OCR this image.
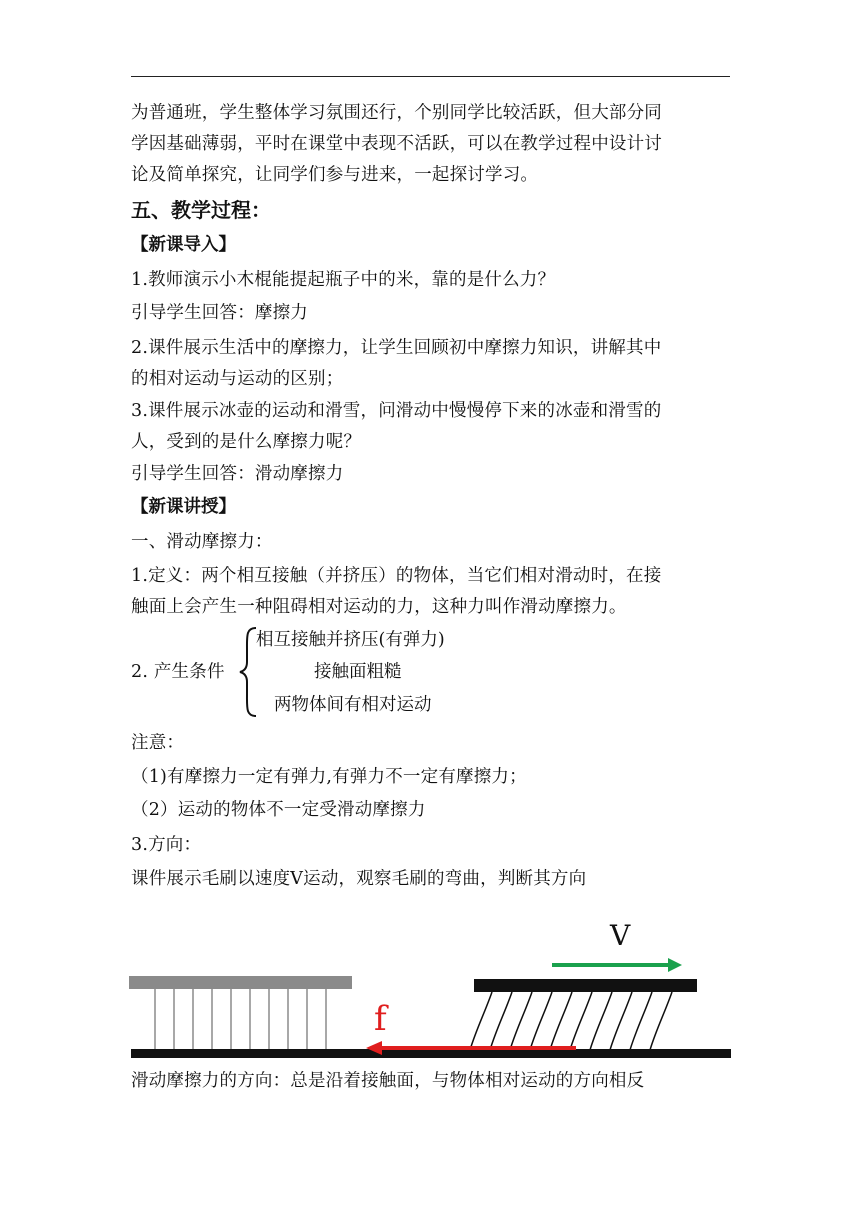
为普通班，学生整体学习氛围还行，个别同学比较活跃，但大部分同
学因基础薄弱，平时在课堂中表现不活跃，可以在教学过程中设计讨
论及简单探究，让同学们参与进来，一起探讨学习。
五、教学过程：
【新课导入】
1.教师演示小木棍能提起瓶子中的米，靠的是什么力？
引导学生回答：摩擦力
2.课件展示生活中的摩擦力，让学生回顾初中摩擦力知识，讲解其中
的相对运动与运动的区别；
3.课件展示冰壶的运动和滑雪，问滑动中慢慢停下来的冰壶和滑雪的
人，受到的是什么摩擦力呢？
引导学生回答：滑动摩擦力
【新课讲授】
一、滑动摩擦力：
1.定义：两个相互接触（并挤压）的物体，当它们相对滑动时，在接
触面上会产生一种阻碍相对运动的力，这种力叫作滑动摩擦力。
2. 产生条件
相互接触并挤压(有弹力)
接触面粗糙
两物体间有相对运动
注意：
（1)有摩擦力一定有弹力,有弹力不一定有摩擦力；
（2）运动的物体不一定受滑动摩擦力
3.方向：
课件展示毛刷以速度Ⅴ运动，观察毛刷的弯曲，判断其方向
V
f
滑动摩擦力的方向：总是沿着接触面，与物体相对运动的方向相反
